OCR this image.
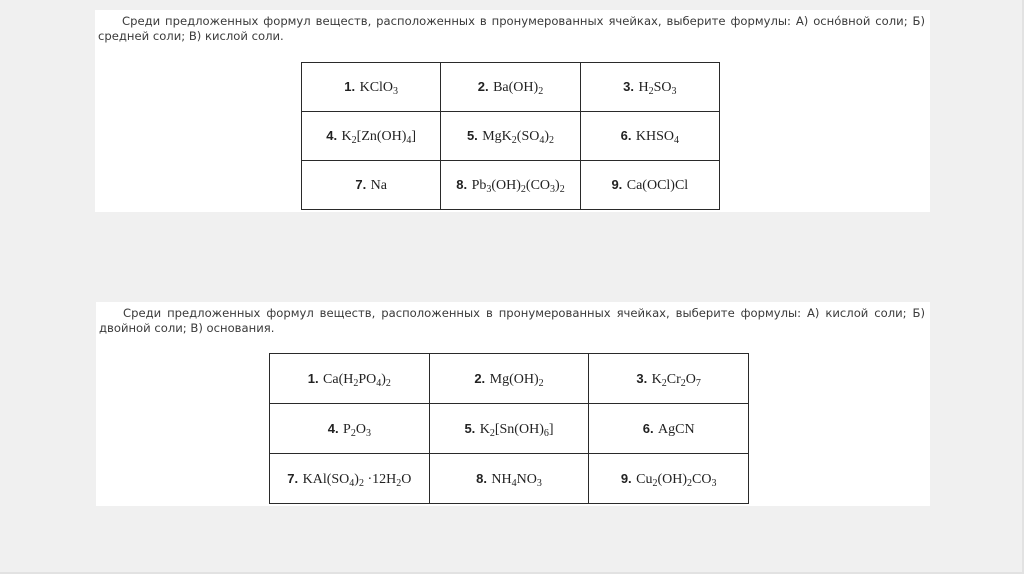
Среди предложенных формул веществ, расположенных в пронумерованных ячейках, выберите формулы: А) осно́вной соли; Б) средней соли; В) кислой соли.

1. KClO$_3$	2. $Ba(OH)_2$	3. $H_2SO_3$
4. $K_2[Zn(OH)_4]$	5. $MgK_2(SO_4)_2$	6. $KHSO_4$
7. Na	8. $Pb_3(OH)_2(CO_3)_2$	9. Ca(OCl)Cl

Среди предложенных формул веществ, расположенных в пронумерованных ячейках, выберите формулы: А) кислой соли; Б) двойной соли; В) основания.

1. $Ca(H_2PO_4)_2$	2. $Mg(OH)_2$	3. $K_2Cr_2O_7$
4. $P_2O_3$	5. $K_2[Sn(OH)_6]$	6. AgCN
7. $KAl(SO_4)_2 \cdot 12H_2O$	8. $NH_4NO_3$	9. $Cu_2(OH)_2CO_3$
